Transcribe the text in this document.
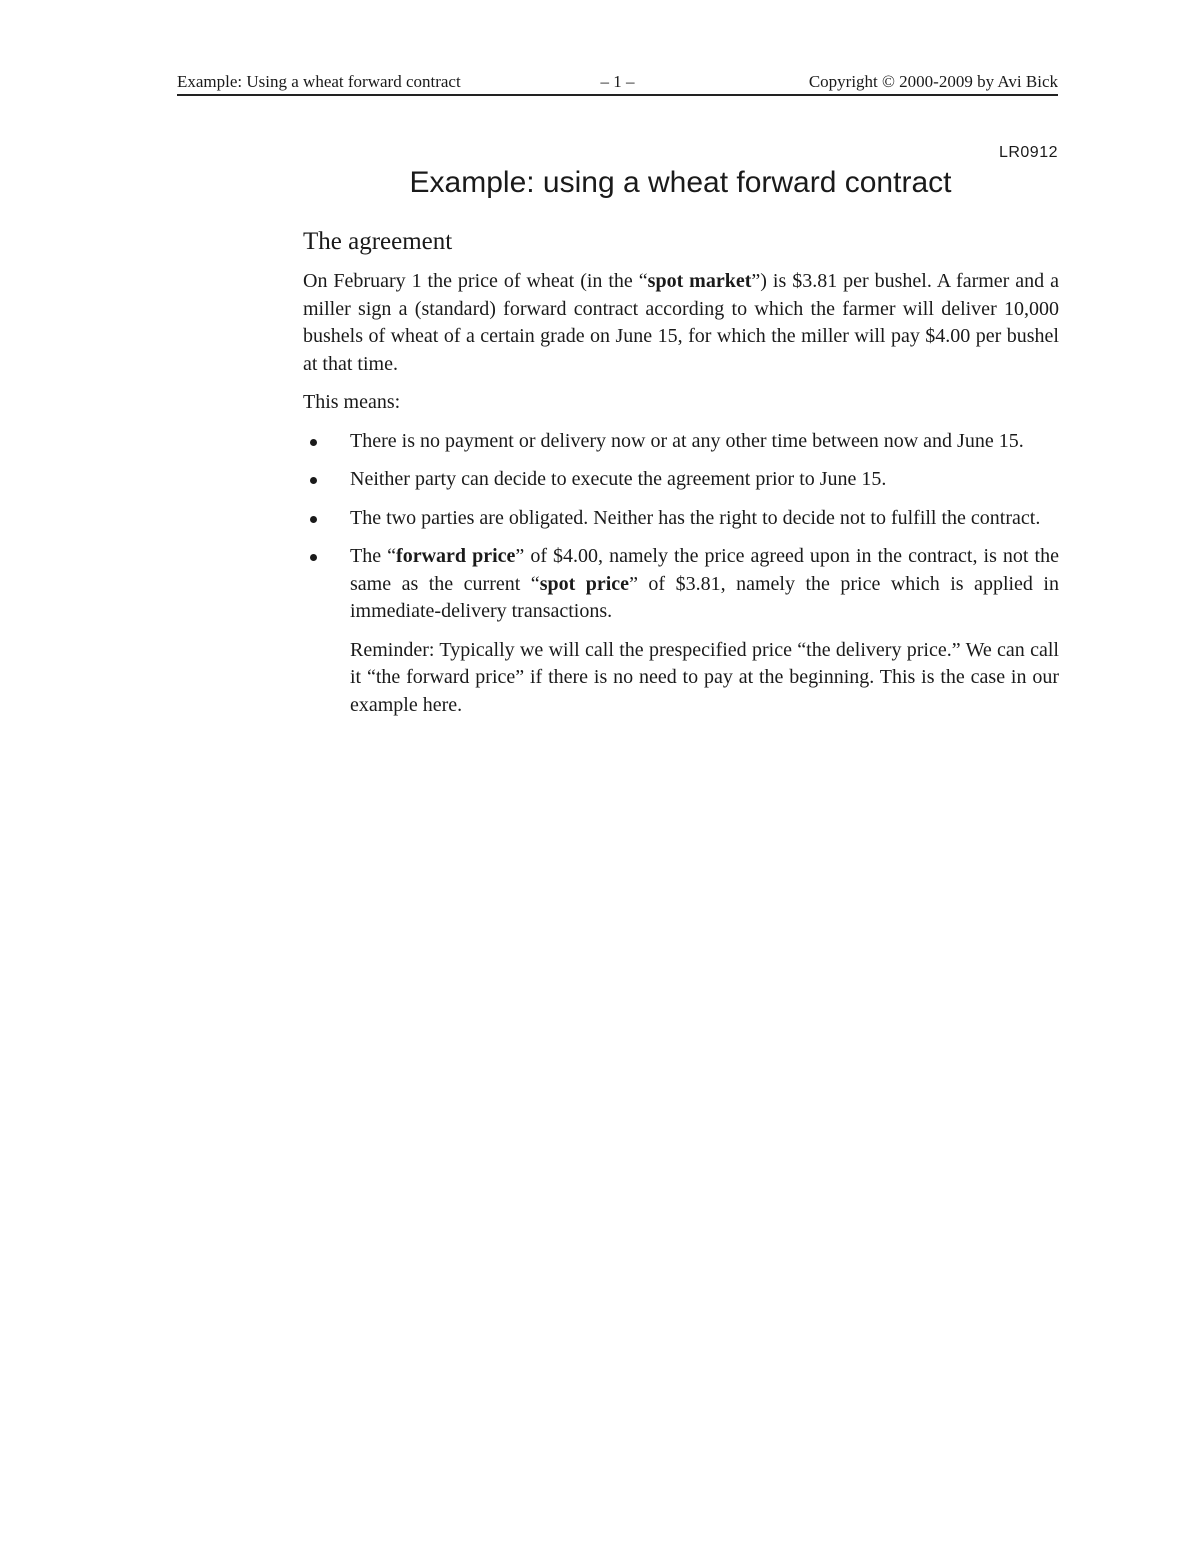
Example: Using a wheat forward contract	– 1 –	Copyright © 2000-2009 by Avi Bick
LR0912
Example: using a wheat forward contract
The agreement

On February 1 the price of wheat (in the “spot market”) is $3.81 per bushel. A farmer and a miller sign a (standard) forward contract according to which the farmer will deliver 10,000 bushels of wheat of a certain grade on June 15, for which the miller will pay $4.00 per bushel at that time.

This means:

There is no payment or delivery now or at any other time between now and June 15.
Neither party can decide to execute the agreement prior to June 15.
The two parties are obligated. Neither has the right to decide not to fulfill the contract.
The “forward price” of $4.00, namely the price agreed upon in the contract, is not the same as the current “spot price” of $3.81, namely the price which is applied in immediate-delivery transactions.

Reminder: Typically we will call the prespecified price “the delivery price.” We can call it “the forward price” if there is no need to pay at the beginning. This is the case in our example here.
